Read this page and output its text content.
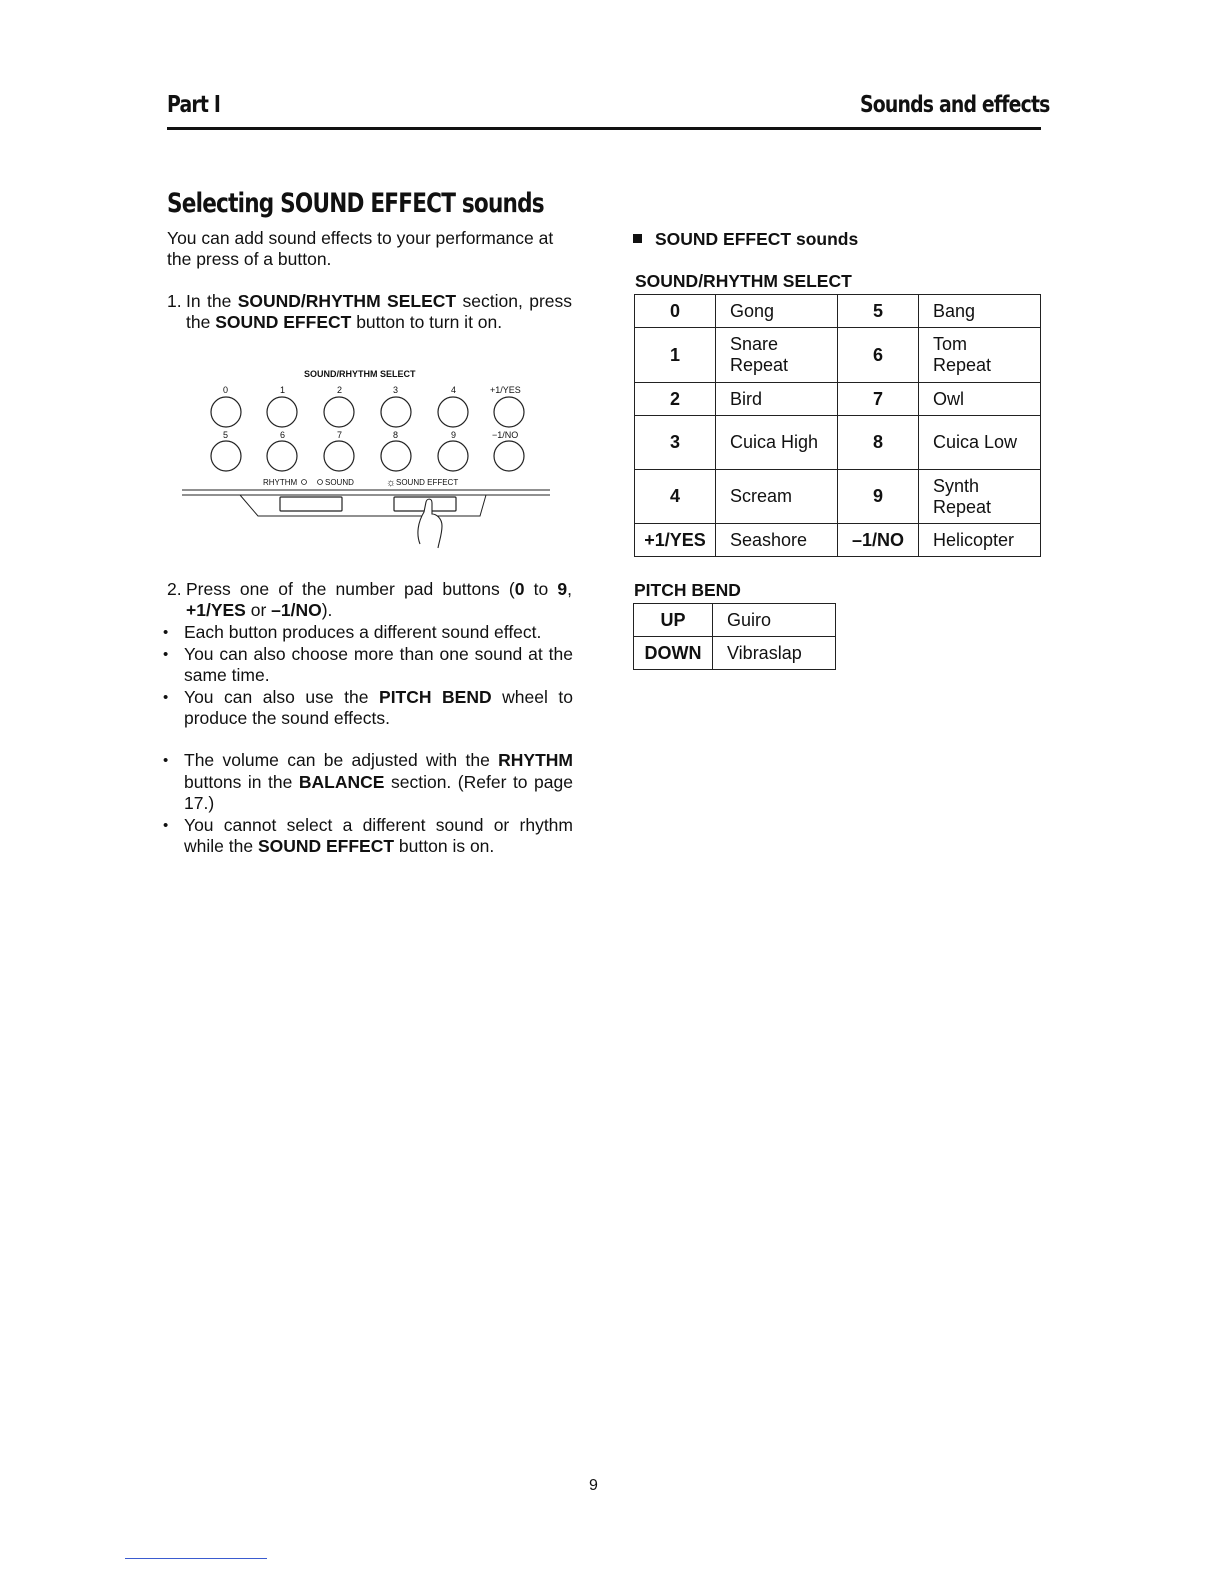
Part I	Sounds and effects
Selecting SOUND EFFECT sounds
You can add sound effects to your performance at the press of a button.
1. In the SOUND/RHYTHM SELECT section, press the SOUND EFFECT button to turn it on.
SOUND/RHYTHM SELECT
0	1	2	3	4	+1/YES
5	6	7	8	9	−1/NO
RHYTHM	SOUND	☼ SOUND EFFECT
2. Press one of the number pad buttons (0 to 9, +1/YES or –1/NO).

• Each button produces a different sound effect.

• You can also choose more than one sound at the same time.

• You can also use the PITCH BEND wheel to produce the sound effects.

• The volume can be adjusted with the RHYTHM buttons in the BALANCE section. (Refer to page 17.)

• You cannot select a different sound or rhythm while the SOUND EFFECT button is on.

SOUND EFFECT sounds
SOUND/RHYTHM SELECT
0	Gong	5	Bang
1	Snare Repeat	6	Tom Repeat
2	Bird	7	Owl
3	Cuica High	8	Cuica Low
4	Scream	9	Synth Repeat
+1/YES	Seashore	–1/NO	Helicopter
PITCH BEND
UP	Guiro
DOWN	Vibraslap
9
